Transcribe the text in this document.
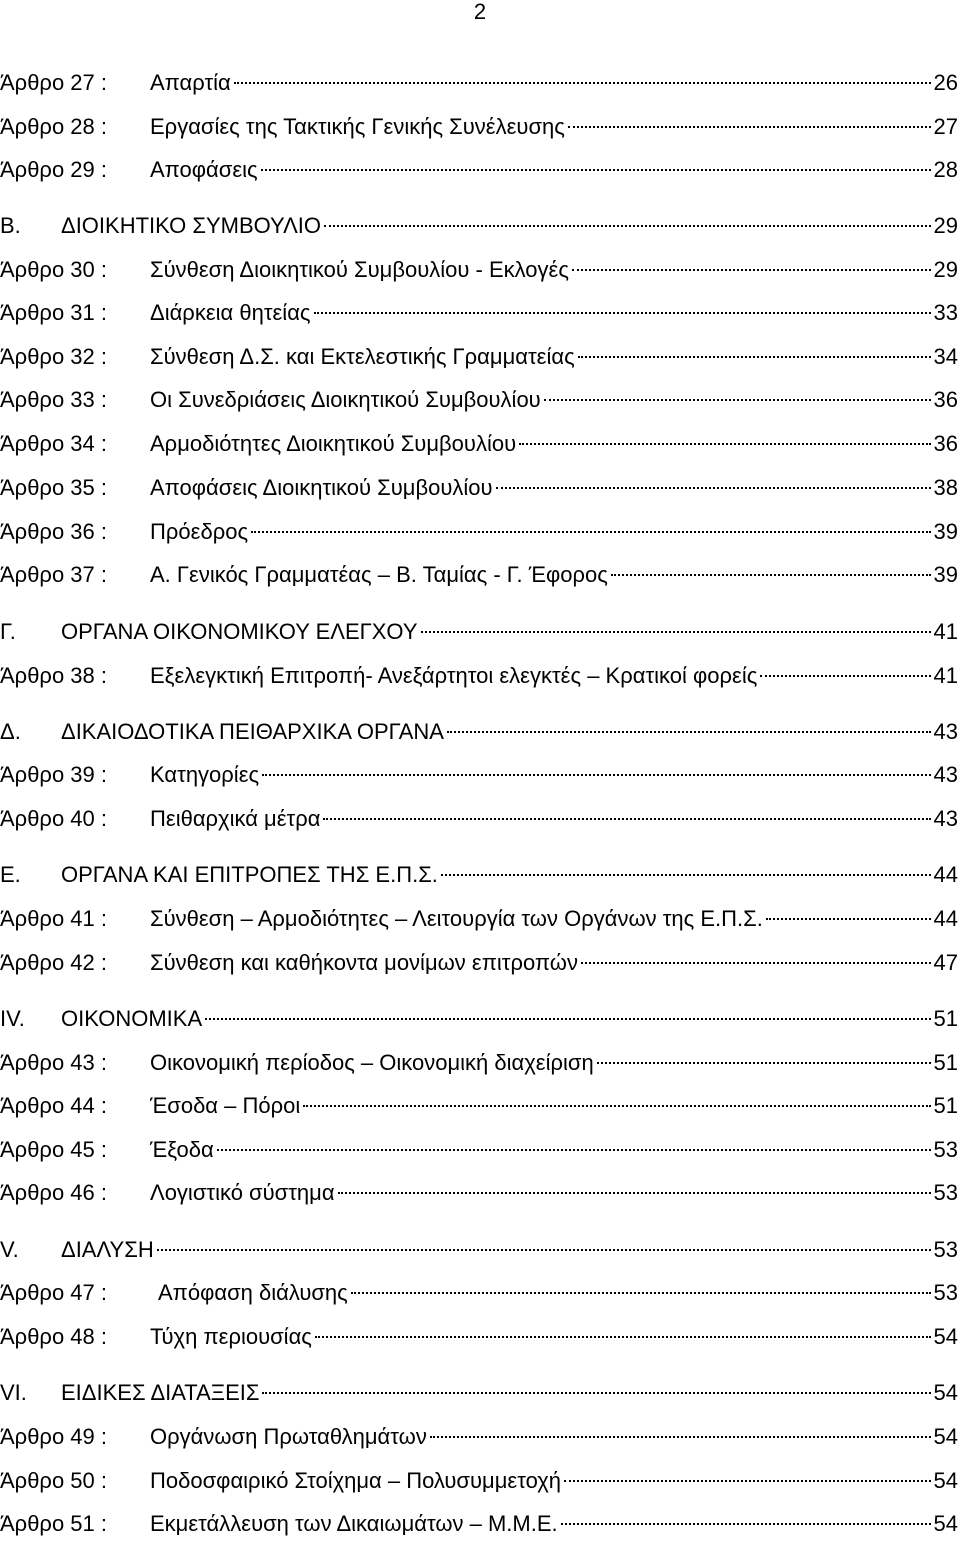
2
Άρθρο 27 :	Απαρτία	26
Άρθρο 28 :	Εργασίες της Τακτικής Γενικής Συνέλευσης	27
Άρθρο 29 :	Αποφάσεις	28
Β.	ΔΙΟΙΚΗΤΙΚΟ ΣΥΜΒΟΥΛΙΟ	29
Άρθρο 30 :	Σύνθεση Διοικητικού Συμβουλίου - Εκλογές	29
Άρθρο 31 :	Διάρκεια θητείας	33
Άρθρο 32 :	Σύνθεση Δ.Σ. και Εκτελεστικής Γραμματείας	34
Άρθρο 33 :	Οι Συνεδριάσεις Διοικητικού Συμβουλίου	36
Άρθρο 34 :	Αρμοδιότητες Διοικητικού Συμβουλίου	36
Άρθρο 35 :	Αποφάσεις Διοικητικού Συμβουλίου	38
Άρθρο 36 :	Πρόεδρος	39
Άρθρο 37 :	Α. Γενικός Γραμματέας ‒ Β. Ταμίας - Γ. Έφορος	39
Γ.	ΟΡΓΑΝΑ ΟΙΚΟΝΟΜΙΚΟΥ ΕΛΕΓΧΟΥ	41
Άρθρο 38 :	Εξελεγκτική Επιτροπή- Ανεξάρτητοι ελεγκτές ‒ Κρατικοί φορείς	41
Δ.	ΔΙΚΑΙΟΔΟΤΙΚΑ ΠΕΙΘΑΡΧΙΚΑ ΟΡΓΑΝΑ	43
Άρθρο 39 :	Κατηγορίες	43
Άρθρο 40 :	Πειθαρχικά μέτρα	43
Ε.	ΟΡΓΑΝΑ ΚΑΙ ΕΠΙΤΡΟΠΕΣ ΤΗΣ Ε.Π.Σ.	44
Άρθρο 41 :	Σύνθεση ‒ Αρμοδιότητες ‒ Λειτουργία των Οργάνων της Ε.Π.Σ.	44
Άρθρο 42 :	Σύνθεση και καθήκοντα μονίμων επιτροπών	47
IV.	ΟΙΚΟΝΟΜΙΚΑ	51
Άρθρο 43 :	Οικονομική περίοδος ‒ Οικονομική διαχείριση	51
Άρθρο 44 :	Έσοδα ‒ Πόροι	51
Άρθρο 45 :	Έξοδα	53
Άρθρο 46 :	Λογιστικό σύστημα	53
V.	ΔΙΑΛΥΣΗ	53
Άρθρο 47 :	Απόφαση διάλυσης	53
Άρθρο 48 :	Τύχη περιουσίας	54
VI.	ΕΙΔΙΚΕΣ ΔΙΑΤΑΞΕΙΣ	54
Άρθρο 49 :	Οργάνωση Πρωταθλημάτων	54
Άρθρο 50 :	Ποδοσφαιρικό Στοίχημα ‒ Πολυσυμμετοχή	54
Άρθρο 51 :	Εκμετάλλευση των Δικαιωμάτων ‒ Μ.Μ.Ε.	54
